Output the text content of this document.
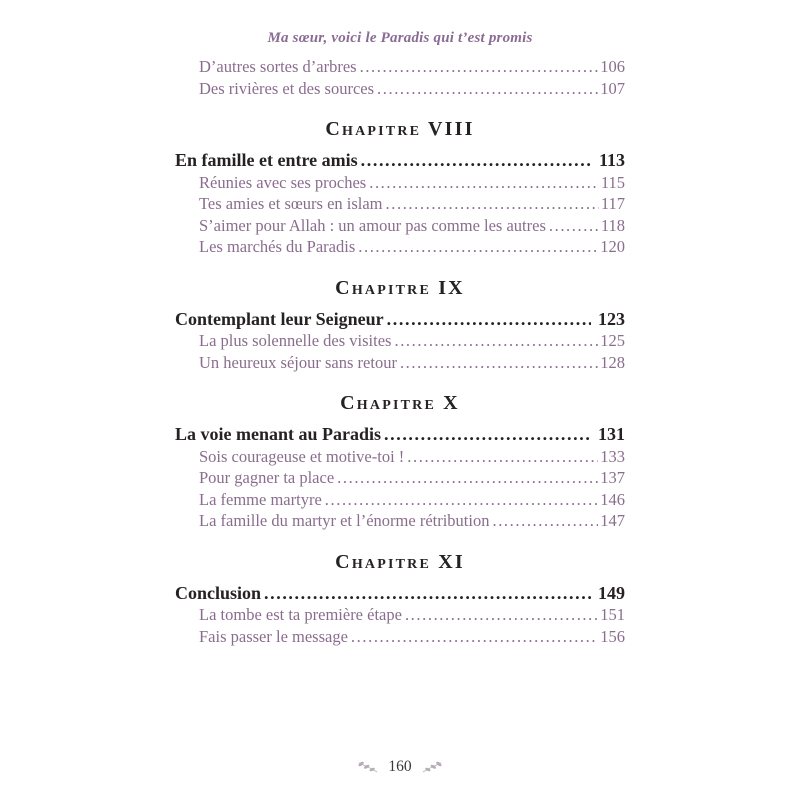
Ma sœur, voici le Paradis qui t’est promis
D’autres sortes d’arbres .....	106
Des rivières et des sources .....	107
Chapitre VIII
En famille et entre amis .....	113
Réunies avec ses proches .....	115
Tes amies et sœurs en islam .....	117
S’aimer pour Allah : un amour pas comme les autres .....	118
Les marchés du Paradis .....	120
Chapitre IX
Contemplant leur Seigneur .....	123
La plus solennelle des visites .....	125
Un heureux séjour sans retour .....	128
Chapitre X
La voie menant au Paradis .....	131
Sois courageuse et motive-toi ! .....	133
Pour gagner ta place .....	137
La femme martyre .....	146
La famille du martyr et l’énorme rétribution .....	147
Chapitre XI
Conclusion .....	149
La tombe est ta première étape .....	151
Fais passer le message .....	156
160
